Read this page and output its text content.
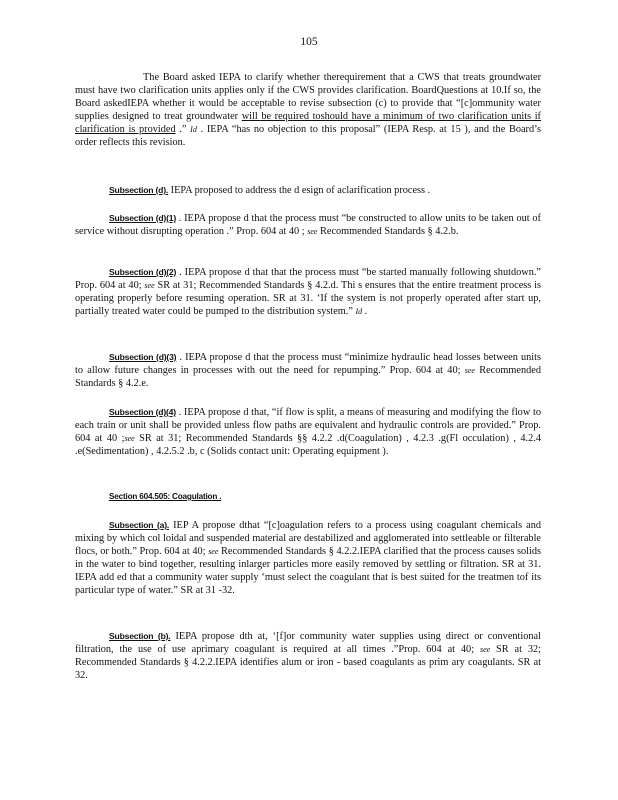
105

The Board asked IEPA to clarify whether therequirement that a CWS that treats groundwater must have two clarification units applies only if the CWS provides clarification. BoardQuestions at 10.If so, the Board askedIEPA whether it would be acceptable to revise subsection (c) to provide that “[c]ommunity water supplies designed to treat groundwater will be required toshould have a minimum of two clarification units if clarification is provided .” Id . IEPA “has no objection to this proposal” (IEPA Resp. at 15 ), and the Board’s order reflects this revision.

Subsection (d). IEPA proposed to address the d esign of aclarification process .

Subsection (d)(1) . IEPA propose d that the process must “be constructed to allow units to be taken out of service without disrupting operation .” Prop. 604 at 40 ; see Recommended Standards § 4.2.b.

Subsection (d)(2) . IEPA propose d that that the process must “be started manually following shutdown.” Prop. 604 at 40; see SR at 31; Recommended Standards § 4.2.d. Thi s ensures that the entire treatment process is operating properly before resuming operation. SR at 31. ‘If the system is not properly operated after start up, partially treated water could be pumped to the distribution system.” Id .

Subsection (d)(3) . IEPA propose d that the process must “minimize hydraulic head losses between units to allow future changes in processes with out the need for repumping.” Prop. 604 at 40; see Recommended Standards § 4.2.e.

Subsection (d)(4) . IEPA propose d that, “if flow is split, a means of measuring and modifying the flow to each train or unit shall be provided unless flow paths are equivalent and hydraulic controls are provided.” Prop. 604 at 40 ;see SR at 31; Recommended Standards §§ 4.2.2 .d(Coagulation) , 4.2.3 .g(Fl occulation) , 4.2.4 .e(Sedimentation) , 4.2.5.2 .b, c (Solids contact unit: Operating equipment ).

Section 604.505: Coagulation .

Subsection (a). IEP A propose dthat “[c]oagulation refers to a process using coagulant chemicals and mixing by which col loidal and suspended material are destabilized and agglomerated into settleable or filterable flocs, or both.” Prop. 604 at 40; see Recommended Standards § 4.2.2.IEPA clarified that the process causes solids in the water to bind together, resulting inlarger particles more easily removed by settling or filtration. SR at 31. IEPA add ed that a community water supply ‘must select the coagulant that is best suited for the treatmen tof its particular type of water.” SR at 31 -32.

Subsection (b). IEPA propose dth at, ‘[f]or community water supplies using direct or conventional filtration, the use of use aprimary coagulant is required at all times .”Prop. 604 at 40; see SR at 32; Recommended Standards § 4.2.2.IEPA identifies alum or iron - based coagulants as prim ary coagulants. SR at 32.
